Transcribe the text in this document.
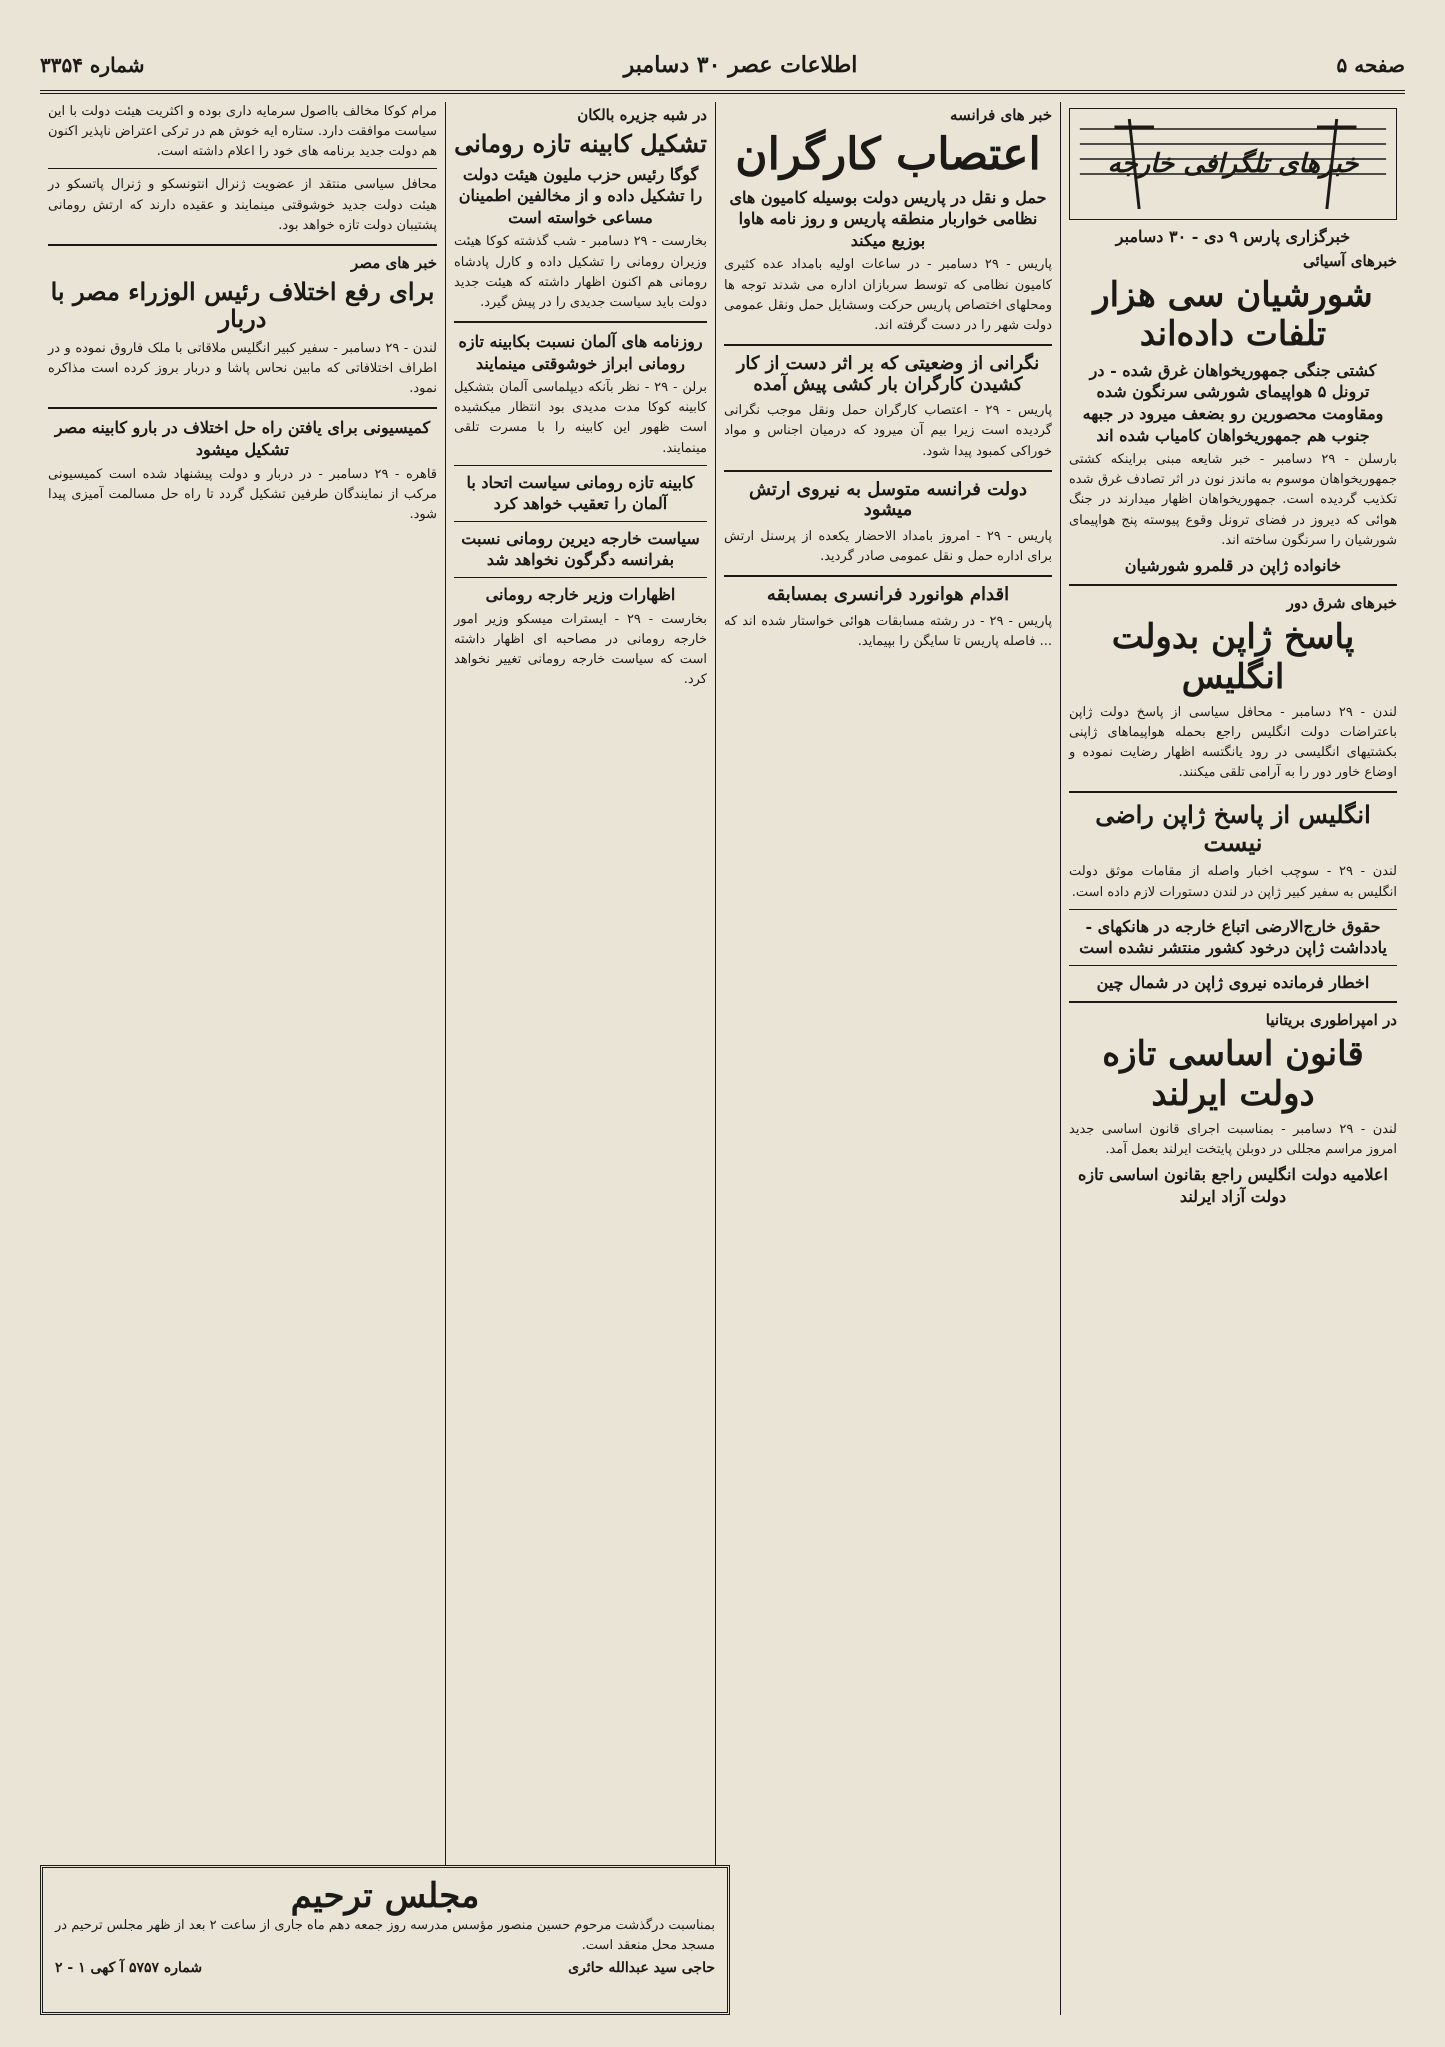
صفحه ۵
اطلاعات عصر ۳۰ دسامبر
شماره ۳۳۵۴
خبرهای تلگرافی خارجه
خبرگزاری پارس ۹ دی - ۳۰ دسامبر
خبرهای آسیائی
شورشیان سی هزار تلفات داده‌اند
کشتی جنگی جمهوریخواهان غرق شده - در ترونل ۵ هواپیمای شورشی سرنگون شده ومقاومت محصورین رو بضعف میرود در جبهه جنوب هم جمهوریخواهان کامیاب شده اند
بارسلن - ۲۹ دسامبر - خبر شایعه مبنی براینکه کشتی جمهوریخواهان موسوم به ماندز نون در اثر تصادف غرق شده تکذیب گردیده است. جمهوریخواهان اظهار میدارند در جنگ هوائی که دیروز در فضای ترونل وقوع پیوسته پنج هواپیمای شورشیان را سرنگون ساخته اند.
خانواده ژاپن در قلمرو شورشیان
خبرهای شرق دور
پاسخ ژاپن بدولت انگلیس
لندن - ۲۹ دسامبر - محافل سیاسی از پاسخ دولت ژاپن باعتراضات دولت انگلیس راجع بحمله هواپیماهای ژاپنی بکشتیهای انگلیسی در رود یانگتسه اظهار رضایت نموده و اوضاع خاور دور را به آرامی تلقی میکنند.
انگلیس از پاسخ ژاپن راضی نیست
لندن - ۲۹ - سوچب اخبار واصله از مقامات موثق دولت انگلیس به سفیر کبیر ژاپن در لندن دستورات لازم داده است.
حقوق خارج‌الارضی اتباع خارجه در هانکهای - یادداشت ژاپن درخود کشور منتشر نشده است
اخطار فرمانده نیروی ژاپن در شمال چین
در امپراطوری بریتانیا
قانون اساسی تازه دولت ایرلند
لندن - ۲۹ دسامبر - بمناسبت اجرای قانون اساسی جدید امروز مراسم مجللی در دوبلن پایتخت ایرلند بعمل آمد.
اعلامیه دولت انگلیس راجع بقانون اساسی تازه دولت آزاد ایرلند
خبر های فرانسه
اعتصاب کارگران
حمل و نقل در پاریس دولت بوسیله کامیون های نظامی خواربار منطقه پاریس و روز نامه هاوا بوزیع میکند
پاریس - ۲۹ دسامبر - در ساعات اولیه بامداد عده کثیری کامیون نظامی که توسط سربازان اداره می شدند توجه ها ومحلهای اختصاص پاریس حرکت وسشایل حمل ونقل عمومی دولت شهر را در دست گرفته اند.
نگرانی از وضعیتی که بر اثر دست از کار کشیدن کارگران بار کشی پیش آمده
پاریس - ۲۹ - اعتصاب کارگران حمل ونقل موجب نگرانی گردیده است زیرا بیم آن میرود که درمیان اجناس و مواد خوراکی کمبود پیدا شود.
دولت فرانسه متوسل به نیروی ارتش میشود
پاریس - ۲۹ - امروز بامداد الاحضار یکعده از پرسنل ارتش برای اداره حمل و نقل عمومی صادر گردید.
اقدام هوانورد فرانسری بمسابقه
پاریس - ۲۹ - در رشته مسابقات هوائی خواستار شده اند که ... فاصله پاریس تا سایگن را بپیماید.
در شبه جزیره بالکان
تشکیل کابینه تازه رومانی
گوگا رئیس حزب ملیون هیئت دولت را تشکیل داده و از مخالفین اطمینان مساعی خواسته است
بخارست - ۲۹ دسامبر - شب گذشته کوکا هیئت وزیران رومانی را تشکیل داده و کارل پادشاه رومانی هم اکنون اظهار داشته که هیئت جدید دولت باید سیاست جدیدی را در پیش گیرد.
روزنامه های آلمان نسبت بکابینه تازه رومانی ابراز خوشوقتی مینمایند
برلن - ۲۹ - نظر بآنکه دیپلماسی آلمان بتشکیل کابینه کوکا مدت مدیدی بود انتظار میکشیده است ظهور این کابینه را با مسرت تلقی مینمایند.
کابینه تازه رومانی سیاست اتحاد با آلمان را تعقیب خواهد کرد
سیاست خارجه دیرین رومانی نسبت بفرانسه دگرگون نخواهد شد
اظهارات وزیر خارجه رومانی
بخارست - ۲۹ - ایسترات میسکو وزیر امور خارجه رومانی در مصاحبه ای اظهار داشته است که سیاست خارجه رومانی تغییر نخواهد کرد.
مرام کوکا مخالف بااصول سرمایه داری بوده و اکثریت هیئت دولت با این سیاست موافقت دارد. ستاره ایه خوش هم در ترکی اعتراض ناپذیر اکنون هم دولت جدید برنامه های خود را اعلام داشته است.
محافل سیاسی منتقد از عضویت ژنرال انتونسکو و ژنرال پاتسکو در هیئت دولت جدید خوشوقتی مینمایند و عقیده دارند که ارتش رومانی پشتیبان دولت تازه خواهد بود.
خبر های مصر
برای رفع اختلاف رئیس الوزراء مصر با دربار
لندن - ۲۹ دسامبر - سفیر کبیر انگلیس ملاقاتی با ملک فاروق نموده و در اطراف اختلافاتی که مابین نحاس پاشا و دربار بروز کرده است مذاکره نمود.
کمیسیونی برای یافتن راه حل اختلاف در بارو کابینه مصر تشکیل میشود
قاهره - ۲۹ دسامبر - در دربار و دولت پیشنهاد شده است کمیسیونی مرکب از نمایندگان طرفین تشکیل گردد تا راه حل مسالمت آمیزی پیدا شود.
مجلس ترحیم
بمناسبت درگذشت مرحوم حسین منصور مؤسس مدرسه روز جمعه دهم ماه جاری از ساعت ۲ بعد از ظهر مجلس ترحیم در مسجد محل منعقد است.
حاجی سید عبدالله حائری
شماره ۵۷۵۷ آ کهی ۱ - ۲
